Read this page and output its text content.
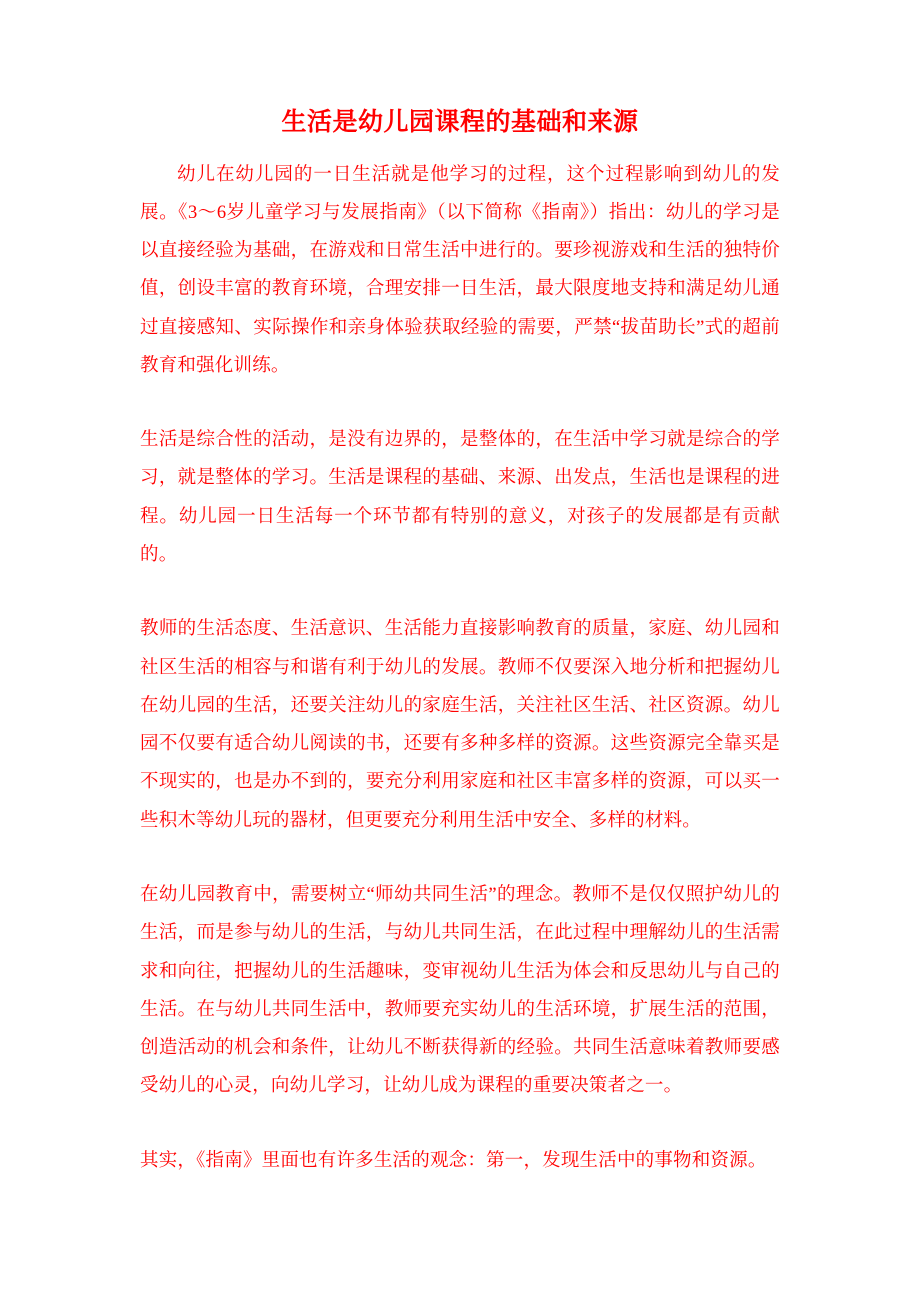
生活是幼儿园课程的基础和来源

幼儿在幼儿园的一日生活就是他学习的过程，这个过程影响到幼儿的发展。《3～6岁儿童学习与发展指南》（以下简称《指南》）指出：幼儿的学习是以直接经验为基础，在游戏和日常生活中进行的。要珍视游戏和生活的独特价值，创设丰富的教育环境，合理安排一日生活，最大限度地支持和满足幼儿通过直接感知、实际操作和亲身体验获取经验的需要，严禁“拔苗助长”式的超前教育和强化训练。

生活是综合性的活动，是没有边界的，是整体的，在生活中学习就是综合的学习，就是整体的学习。生活是课程的基础、来源、出发点，生活也是课程的进程。幼儿园一日生活每一个环节都有特别的意义，对孩子的发展都是有贡献的。

教师的生活态度、生活意识、生活能力直接影响教育的质量，家庭、幼儿园和社区生活的相容与和谐有利于幼儿的发展。教师不仅要深入地分析和把握幼儿在幼儿园的生活，还要关注幼儿的家庭生活，关注社区生活、社区资源。幼儿园不仅要有适合幼儿阅读的书，还要有多种多样的资源。这些资源完全靠买是不现实的，也是办不到的，要充分利用家庭和社区丰富多样的资源，可以买一些积木等幼儿玩的器材，但更要充分利用生活中安全、多样的材料。

在幼儿园教育中，需要树立“师幼共同生活”的理念。教师不是仅仅照护幼儿的生活，而是参与幼儿的生活，与幼儿共同生活，在此过程中理解幼儿的生活需求和向往，把握幼儿的生活趣味，变审视幼儿生活为体会和反思幼儿与自己的生活。在与幼儿共同生活中，教师要充实幼儿的生活环境，扩展生活的范围，创造活动的机会和条件，让幼儿不断获得新的经验。共同生活意味着教师要感受幼儿的心灵，向幼儿学习，让幼儿成为课程的重要决策者之一。

其实，《指南》里面也有许多生活的观念：第一，发现生活中的事物和资源。
